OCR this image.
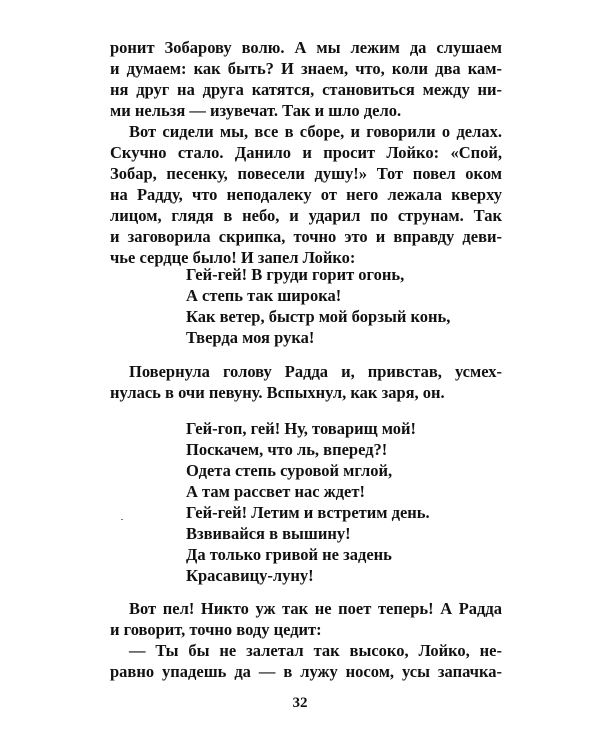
ронит Зобарову волю. А мы лежим да слушаем
и думаем: как быть? И знаем, что, коли два кам-
ня друг на друга катятся, становиться между ни-
ми нельзя — изувечат. Так и шло дело.
Вот сидели мы, все в сборе, и говорили о делах.
Скучно стало. Данило и просит Лойко: «Спой,
Зобар, песенку, повесели душу!» Тот повел оком
на Радду, что неподалеку от него лежала кверху
лицом, глядя в небо, и ударил по струнам. Так
и заговорила скрипка, точно это и вправду деви-
чье сердце было! И запел Лойко:
Гей-гей! В груди горит огонь,
А степь так широка!
Как ветер, быстр мой борзый конь,
Тверда моя рука!
Повернула голову Радда и, привстав, усмех-
нулась в очи певуну. Вспыхнул, как заря, он.
Гей-гоп, гей! Ну, товарищ мой!
Поскачем, что ль, вперед?!
Одета степь суровой мглой,
А там рассвет нас ждет!
Гей-гей! Летим и встретим день.
Взвивайся в вышину!
Да только гривой не задень
Красавицу-луну!
Вот пел! Никто уж так не поет теперь! А Радда
и говорит, точно воду цедит:
— Ты бы не залетал так высоко, Лойко, не-
равно упадешь да — в лужу носом, усы запачка-
32
